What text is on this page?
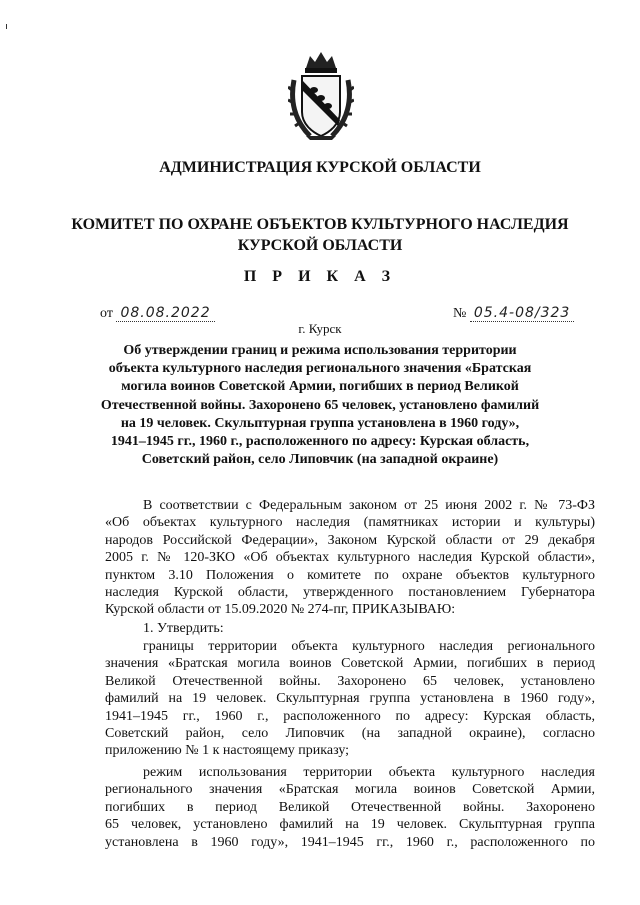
АДМИНИСТРАЦИЯ КУРСКОЙ ОБЛАСТИ
КОМИТЕТ ПО ОХРАНЕ ОБЪЕКТОВ КУЛЬТУРНОГО НАСЛЕДИЯ
КУРСКОЙ ОБЛАСТИ
П Р И К А З
от 08.08.2022	№ 05.4-08/323
г. Курск
Об утверждении границ и режима использования территории
объекта культурного наследия регионального значения «Братская
могила воинов Советской Армии, погибших в период Великой
Отечественной войны. Захоронено 65 человек, установлено фамилий
на 19 человек. Скульптурная группа установлена в 1960 году»,
1941–1945 гг., 1960 г., расположенного по адресу: Курская область,
Советский район, село Липовчик (на западной окраине)
В соответствии с Федеральным законом от 25 июня 2002 г. № 73-ФЗ
«Об объектах культурного наследия (памятниках истории и культуры)
народов Российской Федерации», Законом Курской области от 29 декабря
2005 г. № 120-ЗКО «Об объектах культурного наследия Курской области»,
пунктом 3.10 Положения о комитете по охране объектов культурного
наследия Курской области, утвержденного постановлением Губернатора
Курской области от 15.09.2020 № 274-пг, ПРИКАЗЫВАЮ:
1. Утвердить:
границы территории объекта культурного наследия регионального
значения «Братская могила воинов Советской Армии, погибших в период
Великой Отечественной войны. Захоронено 65 человек, установлено
фамилий на 19 человек. Скульптурная группа установлена в 1960 году»,
1941–1945 гг., 1960 г., расположенного по адресу: Курская область,
Советский район, село Липовчик (на западной окраине), согласно
приложению № 1 к настоящему приказу;
режим использования территории объекта культурного наследия
регионального значения «Братская могила воинов Советской Армии,
погибших в период Великой Отечественной войны. Захоронено
65 человек, установлено фамилий на 19 человек. Скульптурная группа
установлена в 1960 году», 1941–1945 гг., 1960 г., расположенного по
